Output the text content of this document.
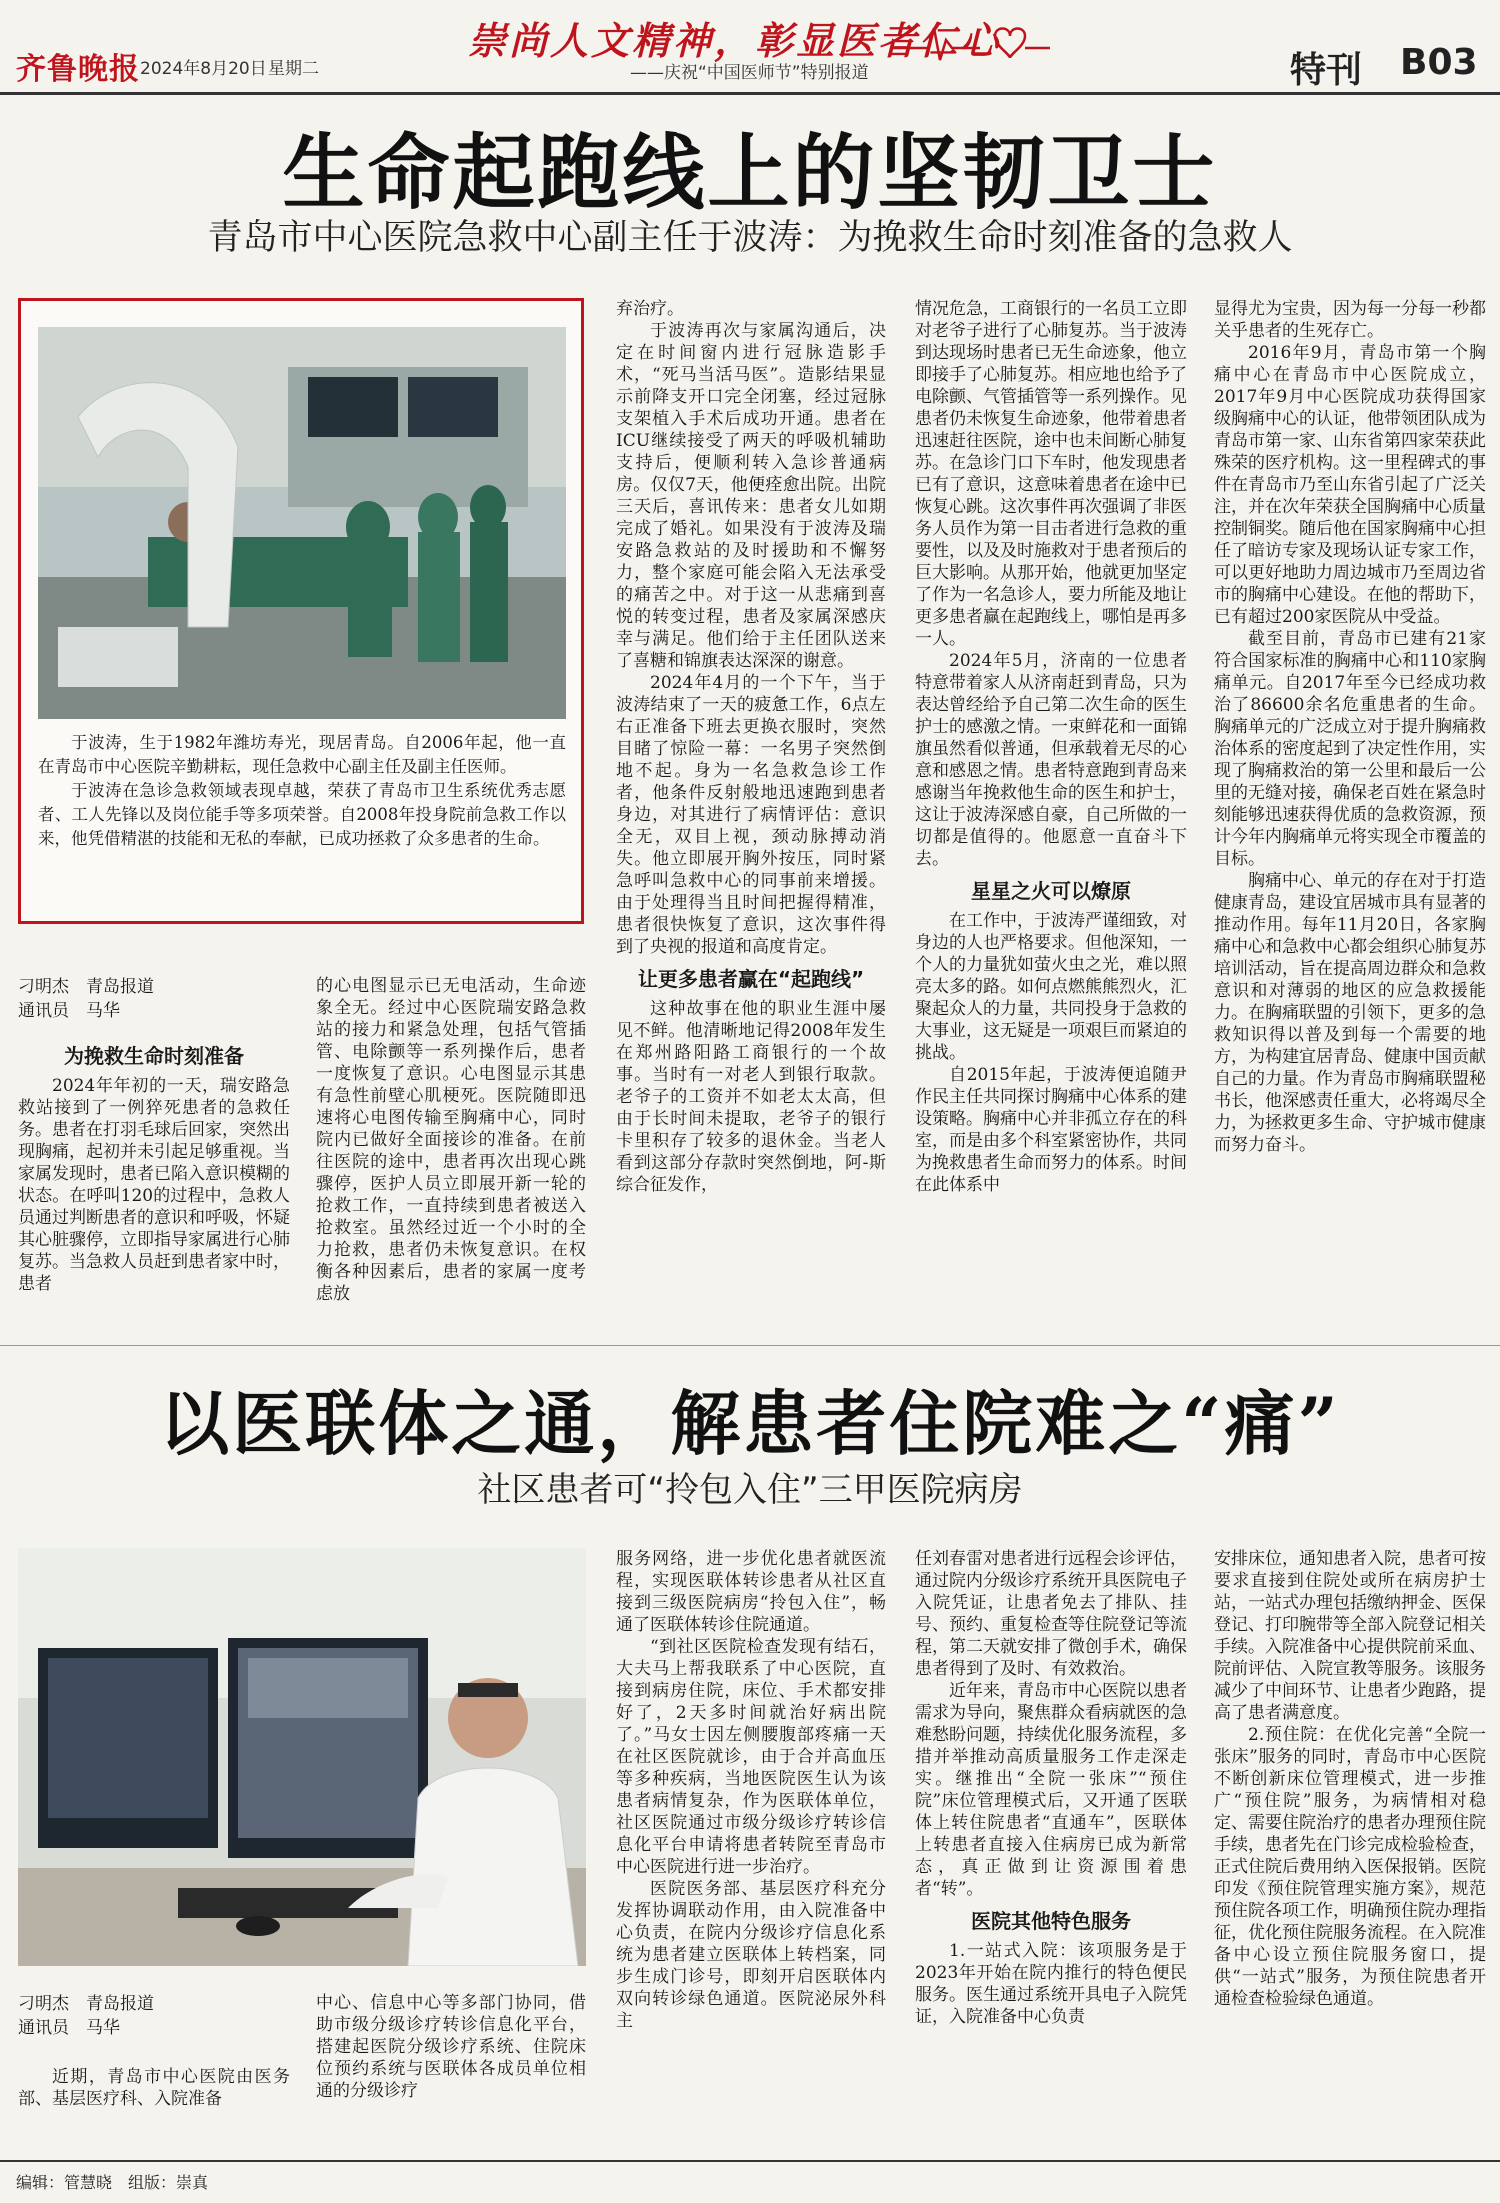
齐鲁晚报 2024年8月20日 星期二
崇尚人文精神，彰显医者仁心
——庆祝“中国医师节”特别报道	特刊 B03
生命起跑线上的坚韧卫士
青岛市中心医院急救中心副主任于波涛：为挽救生命时刻准备的急救人

于波涛，生于1982年潍坊寿光，现居青岛。自2006年起，他一直在青岛市中心医院辛勤耕耘，现任急救中心副主任及副主任医师。

于波涛在急诊急救领域表现卓越，荣获了青岛市卫生系统优秀志愿者、工人先锋以及岗位能手等多项荣誉。自2008年投身院前急救工作以来，他凭借精湛的技能和无私的奉献，已成功拯救了众多患者的生命。

刁明杰　青岛报道
通讯员　马华
为挽救生命时刻准备

2024年年初的一天，瑞安路急救站接到了一例猝死患者的急救任务。患者在打羽毛球后回家，突然出现胸痛，起初并未引起足够重视。当家属发现时，患者已陷入意识模糊的状态。在呼叫120的过程中，急救人员通过判断患者的意识和呼吸，怀疑其心脏骤停，立即指导家属进行心肺复苏。当急救人员赶到患者家中时，患者

的心电图显示已无电活动，生命迹象全无。经过中心医院瑞安路急救站的接力和紧急处理，包括气管插管、电除颤等一系列操作后，患者一度恢复了意识。心电图显示其患有急性前壁心肌梗死。医院随即迅速将心电图传输至胸痛中心，同时院内已做好全面接诊的准备。在前往医院的途中，患者再次出现心跳骤停，医护人员立即展开新一轮的抢救工作，一直持续到患者被送入抢救室。虽然经过近一个小时的全力抢救，患者仍未恢复意识。在权衡各种因素后，患者的家属一度考虑放

弃治疗。

于波涛再次与家属沟通后，决定在时间窗内进行冠脉造影手术，“死马当活马医”。造影结果显示前降支开口完全闭塞，经过冠脉支架植入手术后成功开通。患者在ICU继续接受了两天的呼吸机辅助支持后，便顺利转入急诊普通病房。仅仅7天，他便痊愈出院。出院三天后，喜讯传来：患者女儿如期完成了婚礼。如果没有于波涛及瑞安路急救站的及时援助和不懈努力，整个家庭可能会陷入无法承受的痛苦之中。对于这一从悲痛到喜悦的转变过程，患者及家属深感庆幸与满足。他们给于主任团队送来了喜糖和锦旗表达深深的谢意。

2024年4月的一个下午，当于波涛结束了一天的疲惫工作，6点左右正准备下班去更换衣服时，突然目睹了惊险一幕：一名男子突然倒地不起。身为一名急救急诊工作者，他条件反射般地迅速跑到患者身边，对其进行了病情评估：意识全无，双目上视，颈动脉搏动消失。他立即展开胸外按压，同时紧急呼叫急救中心的同事前来增援。由于处理得当且时间把握得精准，患者很快恢复了意识，这次事件得到了央视的报道和高度肯定。

让更多患者赢在“起跑线”

这种故事在他的职业生涯中屡见不鲜。他清晰地记得2008年发生在郑州路阳路工商银行的一个故事。当时有一对老人到银行取款。老爷子的工资并不如老太太高，但由于长时间未提取，老爷子的银行卡里积存了较多的退休金。当老人看到这部分存款时突然倒地，阿-斯综合征发作，

情况危急，工商银行的一名员工立即对老爷子进行了心肺复苏。当于波涛到达现场时患者已无生命迹象，他立即接手了心肺复苏。相应地也给予了电除颤、气管插管等一系列操作。见患者仍未恢复生命迹象，他带着患者迅速赶往医院，途中也未间断心肺复苏。在急诊门口下车时，他发现患者已有了意识，这意味着患者在途中已恢复心跳。这次事件再次强调了非医务人员作为第一目击者进行急救的重要性，以及及时施救对于患者预后的巨大影响。从那开始，他就更加坚定了作为一名急诊人，要力所能及地让更多患者赢在起跑线上，哪怕是再多一人。

2024年5月，济南的一位患者特意带着家人从济南赶到青岛，只为表达曾经给予自己第二次生命的医生护士的感激之情。一束鲜花和一面锦旗虽然看似普通，但承载着无尽的心意和感恩之情。患者特意跑到青岛来感谢当年挽救他生命的医生和护士，这让于波涛深感自豪，自己所做的一切都是值得的。他愿意一直奋斗下去。

星星之火可以燎原

在工作中，于波涛严谨细致，对身边的人也严格要求。但他深知，一个人的力量犹如萤火虫之光，难以照亮太多的路。如何点燃熊熊烈火，汇聚起众人的力量，共同投身于急救的大事业，这无疑是一项艰巨而紧迫的挑战。

自2015年起，于波涛便追随尹作民主任共同探讨胸痛中心体系的建设策略。胸痛中心并非孤立存在的科室，而是由多个科室紧密协作，共同为挽救患者生命而努力的体系。时间在此体系中

显得尤为宝贵，因为每一分每一秒都关乎患者的生死存亡。

2016年9月，青岛市第一个胸痛中心在青岛市中心医院成立，2017年9月中心医院成功获得国家级胸痛中心的认证，他带领团队成为青岛市第一家、山东省第四家荣获此殊荣的医疗机构。这一里程碑式的事件在青岛市乃至山东省引起了广泛关注，并在次年荣获全国胸痛中心质量控制铜奖。随后他在国家胸痛中心担任了暗访专家及现场认证专家工作，可以更好地助力周边城市乃至周边省市的胸痛中心建设。在他的帮助下，已有超过200家医院从中受益。

截至目前，青岛市已建有21家符合国家标准的胸痛中心和110家胸痛单元。自2017年至今已经成功救治了86600余名危重患者的生命。胸痛单元的广泛成立对于提升胸痛救治体系的密度起到了决定性作用，实现了胸痛救治的第一公里和最后一公里的无缝对接，确保老百姓在紧急时刻能够迅速获得优质的急救资源，预计今年内胸痛单元将实现全市覆盖的目标。

胸痛中心、单元的存在对于打造健康青岛，建设宜居城市具有显著的推动作用。每年11月20日，各家胸痛中心和急救中心都会组织心肺复苏培训活动，旨在提高周边群众和急救意识和对薄弱的地区的应急救援能力。在胸痛联盟的引领下，更多的急救知识得以普及到每一个需要的地方，为构建宜居青岛、健康中国贡献自己的力量。作为青岛市胸痛联盟秘书长，他深感责任重大，必将竭尽全力，为拯救更多生命、守护城市健康而努力奋斗。

以医联体之通，解患者住院难之“痛”
社区患者可“拎包入住”三甲医院病房
刁明杰　青岛报道
通讯员　马华

近期，青岛市中心医院由医务部、基层医疗科、入院准备

中心、信息中心等多部门协同，借助市级分级诊疗转诊信息化平台，搭建起医院分级诊疗系统、住院床位预约系统与医联体各成员单位相通的分级诊疗

服务网络，进一步优化患者就医流程，实现医联体转诊患者从社区直接到三级医院病房“拎包入住”，畅通了医联体转诊住院通道。

“到社区医院检查发现有结石，大夫马上帮我联系了中心医院，直接到病房住院，床位、手术都安排好了，2天多时间就治好病出院了。”马女士因左侧腰腹部疼痛一天在社区医院就诊，由于合并高血压等多种疾病，当地医院医生认为该患者病情复杂，作为医联体单位，社区医院通过市级分级诊疗转诊信息化平台申请将患者转院至青岛市中心医院进行进一步治疗。

医院医务部、基层医疗科充分发挥协调联动作用，由入院准备中心负责，在院内分级诊疗信息化系统为患者建立医联体上转档案，同步生成门诊号，即刻开启医联体内双向转诊绿色通道。医院泌尿外科主

任刘春雷对患者进行远程会诊评估，通过院内分级诊疗系统开具医院电子入院凭证，让患者免去了排队、挂号、预约、重复检查等住院登记等流程，第二天就安排了微创手术，确保患者得到了及时、有效救治。

近年来，青岛市中心医院以患者需求为导向，聚焦群众看病就医的急难愁盼问题，持续优化服务流程，多措并举推动高质量服务工作走深走实。继推出“全院一张床”“预住院”床位管理模式后，又开通了医联体上转住院患者“直通车”，医联体上转患者直接入住病房已成为新常态，真正做到让资源围着患者“转”。

医院其他特色服务

1.一站式入院：该项服务是于2023年开始在院内推行的特色便民服务。医生通过系统开具电子入院凭证，入院准备中心负责

安排床位，通知患者入院，患者可按要求直接到住院处或所在病房护士站，一站式办理包括缴纳押金、医保登记、打印腕带等全部入院登记相关手续。入院准备中心提供院前采血、院前评估、入院宣教等服务。该服务减少了中间环节、让患者少跑路，提高了患者满意度。

2.预住院：在优化完善“全院一张床”服务的同时，青岛市中心医院不断创新床位管理模式，进一步推广“预住院”服务，为病情相对稳定、需要住院治疗的患者办理预住院手续，患者先在门诊完成检验检查，正式住院后费用纳入医保报销。医院印发《预住院管理实施方案》，规范预住院各项工作，明确预住院办理指征，优化预住院服务流程。在入院准备中心设立预住院服务窗口，提供“一站式”服务，为预住院患者开通检查检验绿色通道。

编辑：管慧晓　组版：崇真
